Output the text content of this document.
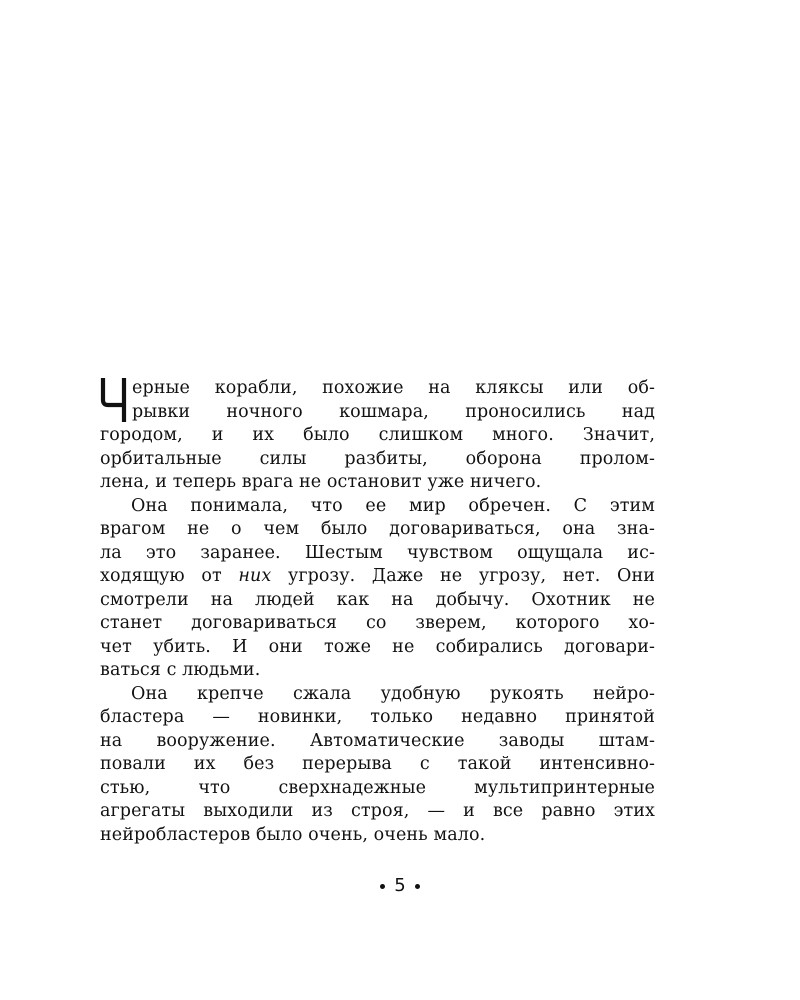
ерные корабли, похожие на кляксы или об-
рывки ночного кошмара, проносились над
городом, и их было слишком много. Значит,
орбитальные силы разбиты, оборона пролом-
лена, и теперь врага не остановит уже ничего.
Она понимала, что ее мир обречен. С этим
врагом не о чем было договариваться, она зна-
ла это заранее. Шестым чувством ощущала ис-
ходящую от них угрозу. Даже не угрозу, нет. Они
смотрели на людей как на добычу. Охотник не
станет договариваться со зверем, которого хо-
чет убить. И они тоже не собирались договари-
ваться с людьми.
Она крепче сжала удобную рукоять нейро-
бластера — новинки, только недавно принятой
на вооружение. Автоматические заводы штам-
повали их без перерыва с такой интенсивно-
стью, что сверхнадежные мультипринтерные
агрегаты выходили из строя, — и все равно этих
нейробластеров было очень, очень мало.
5
